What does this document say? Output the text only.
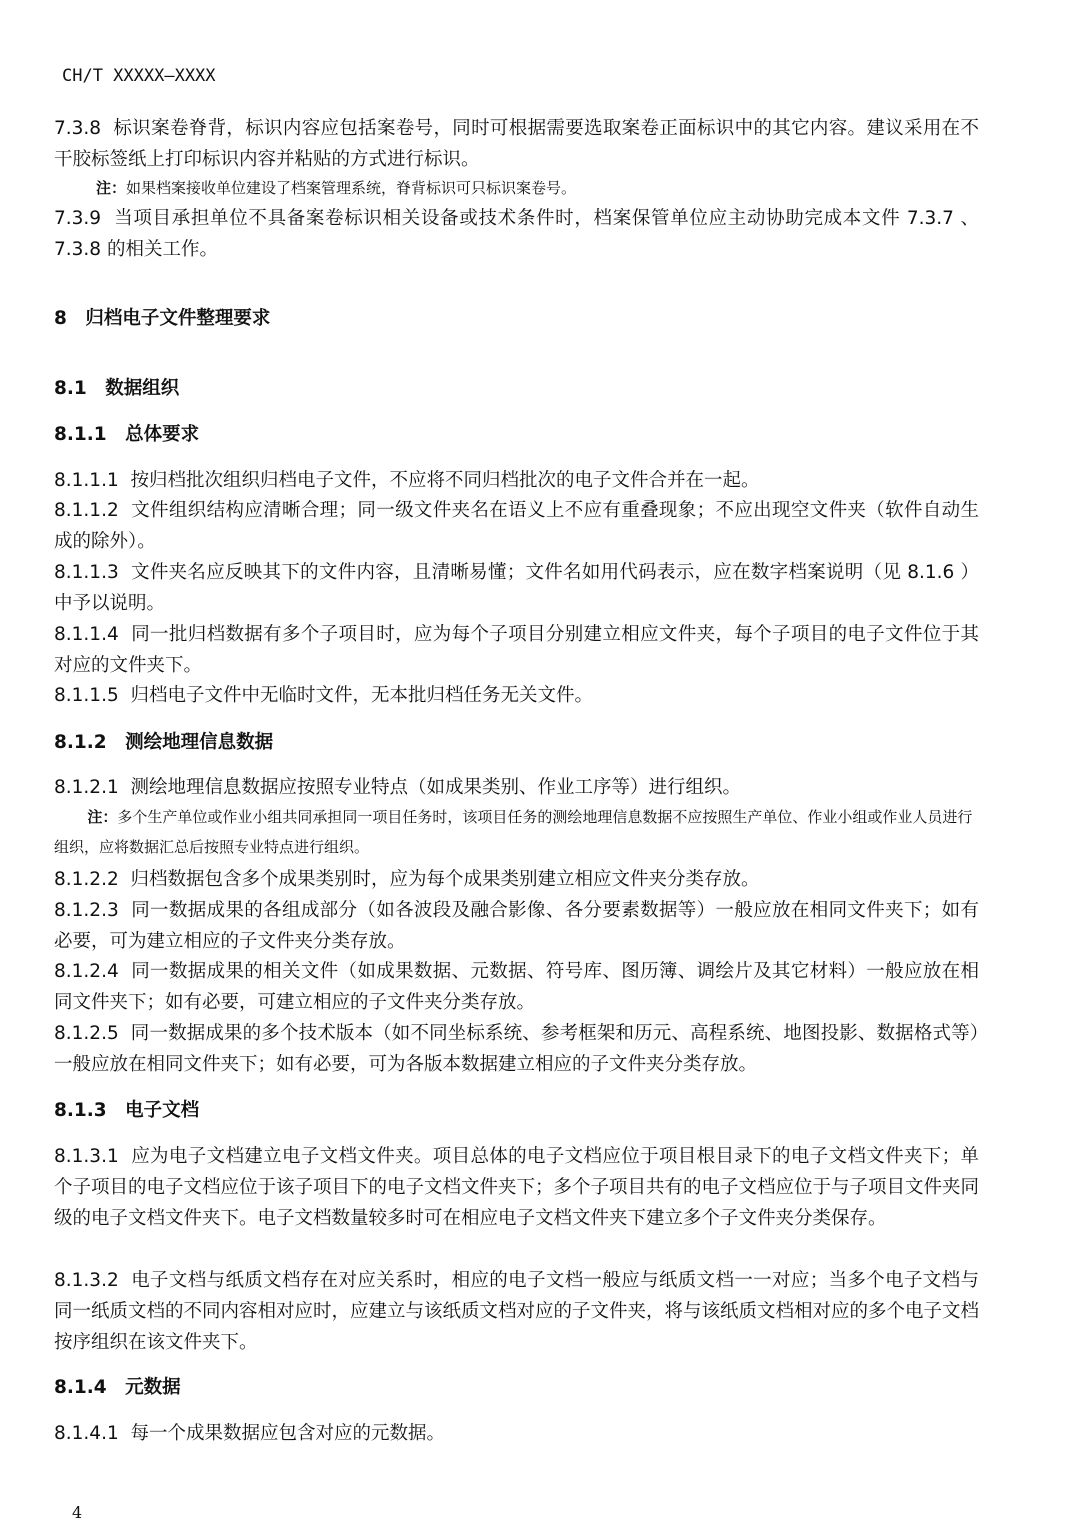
CH/T XXXXX—XXXX

7.3.8 标识案卷脊背，标识内容应包括案卷号，同时可根据需要选取案卷正面标识中的其它内容。建议采用在不干胶标签纸上打印标识内容并粘贴的方式进行标识。

注：如果档案接收单位建设了档案管理系统，脊背标识可只标识案卷号。

7.3.9 当项目承担单位不具备案卷标识相关设备或技术条件时，档案保管单位应主动协助完成本文件 7.3.7 、 7.3.8 的相关工作。

8　归档电子文件整理要求

8.1　数据组织

8.1.1　总体要求

8.1.1.1 按归档批次组织归档电子文件，不应将不同归档批次的电子文件合并在一起。

8.1.1.2 文件组织结构应清晰合理；同一级文件夹名在语义上不应有重叠现象；不应出现空文件夹（软件自动生成的除外）。

8.1.1.3 文件夹名应反映其下的文件内容，且清晰易懂；文件名如用代码表示，应在数字档案说明（见 8.1.6 ）中予以说明。

8.1.1.4 同一批归档数据有多个子项目时，应为每个子项目分别建立相应文件夹，每个子项目的电子文件位于其对应的文件夹下。

8.1.1.5 归档电子文件中无临时文件，无本批归档任务无关文件。

8.1.2　测绘地理信息数据

8.1.2.1 测绘地理信息数据应按照专业特点（如成果类别、作业工序等）进行组织。

注：多个生产单位或作业小组共同承担同一项目任务时，该项目任务的测绘地理信息数据不应按照生产单位、作业小组或作业人员进行组织，应将数据汇总后按照专业特点进行组织。

8.1.2.2 归档数据包含多个成果类别时，应为每个成果类别建立相应文件夹分类存放。

8.1.2.3 同一数据成果的各组成部分（如各波段及融合影像、各分要素数据等）一般应放在相同文件夹下；如有必要，可为建立相应的子文件夹分类存放。

8.1.2.4 同一数据成果的相关文件（如成果数据、元数据、符号库、图历簿、调绘片及其它材料）一般应放在相同文件夹下；如有必要，可建立相应的子文件夹分类存放。

8.1.2.5 同一数据成果的多个技术版本（如不同坐标系统、参考框架和历元、高程系统、地图投影、数据格式等）一般应放在相同文件夹下；如有必要，可为各版本数据建立相应的子文件夹分类存放。

8.1.3　电子文档

8.1.3.1 应为电子文档建立电子文档文件夹。项目总体的电子文档应位于项目根目录下的电子文档文件夹下；单个子项目的电子文档应位于该子项目下的电子文档文件夹下；多个子项目共有的电子文档应位于与子项目文件夹同级的电子文档文件夹下。电子文档数量较多时可在相应电子文档文件夹下建立多个子文件夹分类保存。

8.1.3.2 电子文档与纸质文档存在对应关系时，相应的电子文档一般应与纸质文档一一对应；当多个电子文档与同一纸质文档的不同内容相对应时，应建立与该纸质文档对应的子文件夹，将与该纸质文档相对应的多个电子文档按序组织在该文件夹下。

8.1.4　元数据

8.1.4.1 每一个成果数据应包含对应的元数据。

4
